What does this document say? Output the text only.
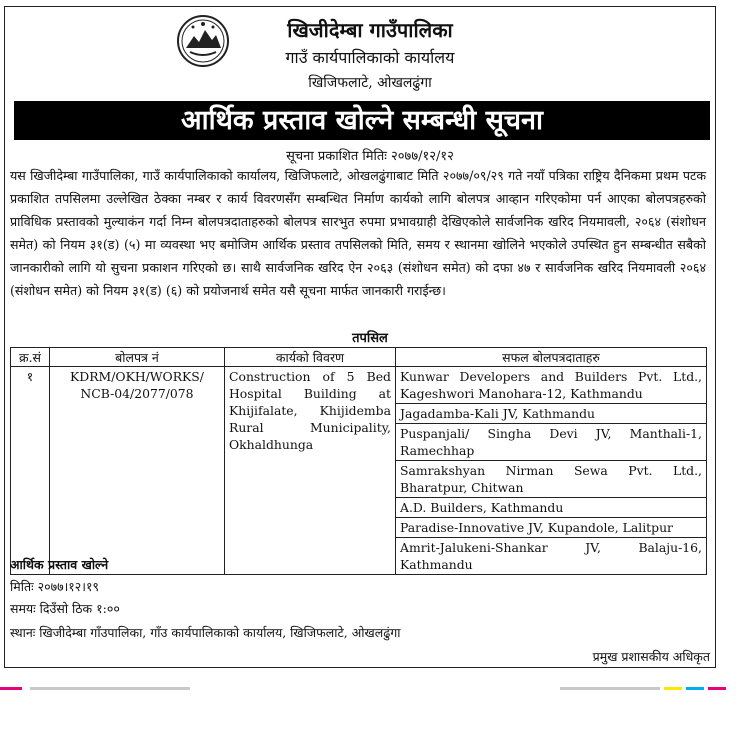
खिजीदेम्बा गाउँपालिका
गाउँ कार्यपालिकाको कार्यालय
खिजिफलाटे, ओखलढुंगा
आर्थिक प्रस्ताव खोल्ने सम्बन्धी सूचना
सूचना प्रकाशित मितिः २०७७/१२/१२
यस खिजीदेम्बा गाउँपालिका, गाउँ कार्यपालिकाको कार्यालय, खिजिफलाटे, ओखलढुंगाबाट मिति २०७७/०९/२९ गते नयाँ पत्रिका राष्ट्रिय दैनिकमा प्रथम पटक प्रकाशित तपसिलमा उल्लेखित ठेक्का नम्बर र कार्य विवरणसँग सम्बन्धित निर्माण कार्यको लागि बोलपत्र आव्हान गरिएकोमा पर्न आएका बोलपत्रहरुको प्राविधिक प्रस्तावको मुल्याकंन गर्दा निम्न बोलपत्रदाताहरुको बोलपत्र सारभुत रुपमा प्रभावग्राही देखिएकोले सार्वजनिक खरिद नियमावली, २०६४ (संशोधन समेत) को नियम ३१(ड) (५) मा व्यवस्था भए बमोजिम आर्थिक प्रस्ताव तपसिलको मिति, समय र स्थानमा खोलिने भएकोले उपस्थित हुन सम्बन्धीत सबैको जानकारीको लागि यो सुचना प्रकाशन गरिएको छ। साथै सार्वजनिक खरिद ऐन २०६३ (संशोधन समेत) को दफा ४७ र सार्वजनिक खरिद नियमावली २०६४ (संशोधन समेत) को नियम ३१(ड) (६) को प्रयोजनार्थ समेत यसै सूचना मार्फत जानकारी गराईन्छ।
तपसिल
क्र.सं	बोलपत्र नं	कार्यको विवरण	सफल बोलपत्रदाताहरु
१	KDRM/OKH/WORKS/ NCB-04/2077/078	Construction of 5 Bed Hospital Building at Khijifalate, Khijidemba Rural Municipality, Okhaldhunga	Kunwar Developers and Builders Pvt. Ltd., Kageshwori Manohara-12, Kathmandu
			Jagadamba-Kali JV, Kathmandu
			Puspanjali/ Singha Devi JV, Manthali-1, Ramechhap
			Samrakshyan Nirman Sewa Pvt. Ltd., Bharatpur, Chitwan
			A.D. Builders, Kathmandu
			Paradise-Innovative JV, Kupandole, Lalitpur
			Amrit-Jalukeni-Shankar JV, Balaju-16, Kathmandu
आर्थिक प्रस्ताव खोल्ने
मितिः २०७७।१२।१९
समयः दिउँसो ठिक १:००
स्थानः खिजीदेम्बा गाँउपालिका, गाँउ कार्यपालिकाको कार्यालय, खिजिफलाटे, ओखलढुंगा
प्रमुख प्रशासकीय अधिकृत
